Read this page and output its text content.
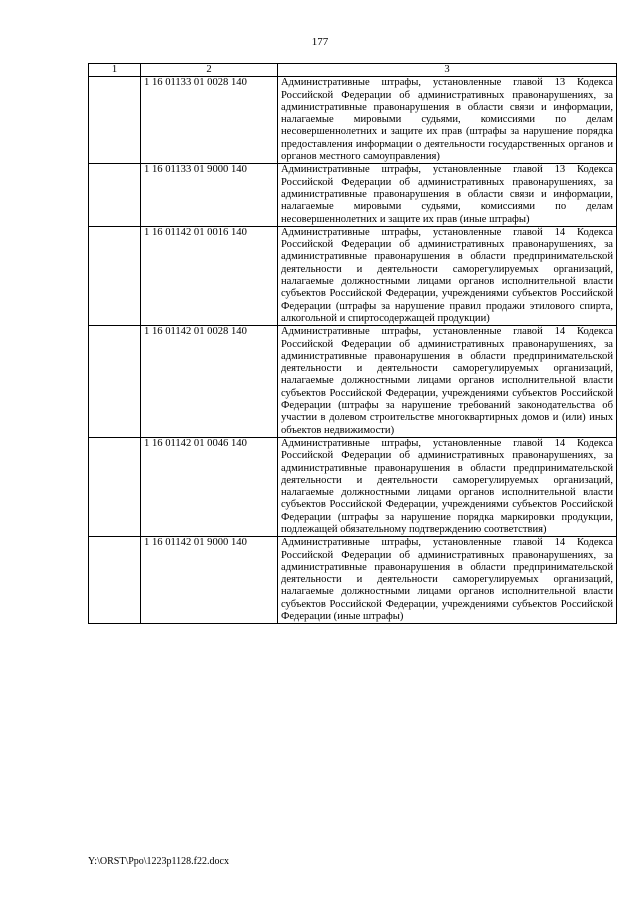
177
1	2	3
	1 16 01133 01 0028 140	Административные штрафы, установленные главой 13 Кодекса Российской Федерации об административных правонарушениях, за административные правонарушения в области связи и информации, налагаемые мировыми судьями, комиссиями по делам несовершеннолетних и защите их прав (штрафы за нарушение порядка предоставления информации о деятельности государственных органов и органов местного самоуправления)
	1 16 01133 01 9000 140	Административные штрафы, установленные главой 13 Кодекса Российской Федерации об административных правонарушениях, за административные правонарушения в области связи и информации, налагаемые мировыми судьями, комиссиями по делам несовершеннолетних и защите их прав (иные штрафы)
	1 16 01142 01 0016 140	Административные штрафы, установленные главой 14 Кодекса Российской Федерации об административных правонарушениях, за административные правонарушения в области предпринимательской деятельности и деятельности саморегулируемых организаций, налагаемые должностными лицами органов исполнительной власти субъектов Российской Федерации, учреждениями субъектов Российской Федерации (штрафы за нарушение правил продажи этилового спирта, алкогольной и спиртосодержащей продукции)
	1 16 01142 01 0028 140	Административные штрафы, установленные главой 14 Кодекса Российской Федерации об административных правонарушениях, за административные правонарушения в области предпринимательской деятельности и деятельности саморегулируемых организаций, налагаемые должностными лицами органов исполнительной власти субъектов Российской Федерации, учреждениями субъектов Российской Федерации (штрафы за нарушение требований законодательства об участии в долевом строительстве многоквартирных домов и (или) иных объектов недвижимости)
	1 16 01142 01 0046 140	Административные штрафы, установленные главой 14 Кодекса Российской Федерации об административных правонарушениях, за административные правонарушения в области предпринимательской деятельности и деятельности саморегулируемых организаций, налагаемые должностными лицами органов исполнительной власти субъектов Российской Федерации, учреждениями субъектов Российской Федерации (штрафы за нарушение порядка маркировки продукции, подлежащей обязательному подтверждению соответствия)
	1 16 01142 01 9000 140	Административные штрафы, установленные главой 14 Кодекса Российской Федерации об административных правонарушениях, за административные правонарушения в области предпринимательской деятельности и деятельности саморегулируемых организаций, налагаемые должностными лицами органов исполнительной власти субъектов Российской Федерации, учреждениями субъектов Российской Федерации (иные штрафы)
Y:\ORST\Ppo\1223p1128.f22.docx
